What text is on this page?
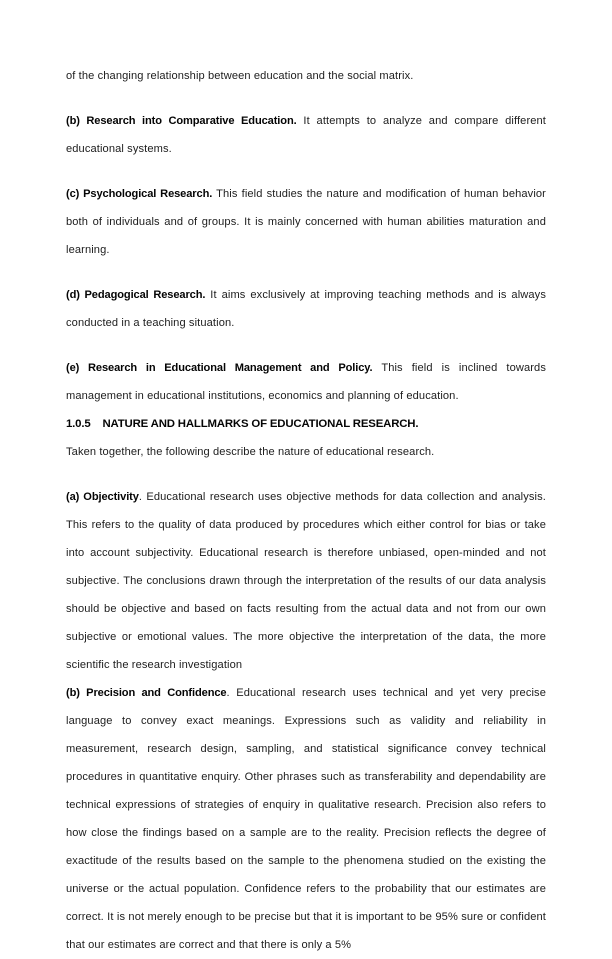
of the changing relationship between education and the social matrix.

(b) Research into Comparative Education. It attempts to analyze and compare different educational systems.

(c) Psychological Research. This field studies the nature and modification of human behavior both of individuals and of groups. It is mainly concerned with human abilities maturation and learning.

(d) Pedagogical Research. It aims exclusively at improving teaching methods and is always conducted in a teaching situation.

(e) Research in Educational Management and Policy. This field is inclined towards management in educational institutions, economics and planning of education.

1.0.5 NATURE AND HALLMARKS OF EDUCATIONAL RESEARCH.

Taken together, the following describe the nature of educational research.

(a) Objectivity. Educational research uses objective methods for data collection and analysis. This refers to the quality of data produced by procedures which either control for bias or take into account subjectivity. Educational research is therefore unbiased, open-minded and not subjective. The conclusions drawn through the interpretation of the results of our data analysis should be objective and based on facts resulting from the actual data and not from our own subjective or emotional values. The more objective the interpretation of the data, the more scientific the research investigation

(b) Precision and Confidence. Educational research uses technical and yet very precise language to convey exact meanings. Expressions such as validity and reliability in measurement, research design, sampling, and statistical significance convey technical procedures in quantitative enquiry. Other phrases such as transferability and dependability are technical expressions of strategies of enquiry in qualitative research. Precision also refers to how close the findings based on a sample are to the reality. Precision reflects the degree of exactitude of the results based on the sample to the phenomena studied on the existing the universe or the actual population. Confidence refers to the probability that our estimates are correct. It is not merely enough to be precise but that it is important to be 95% sure or confident that our estimates are correct and that there is only a 5%
